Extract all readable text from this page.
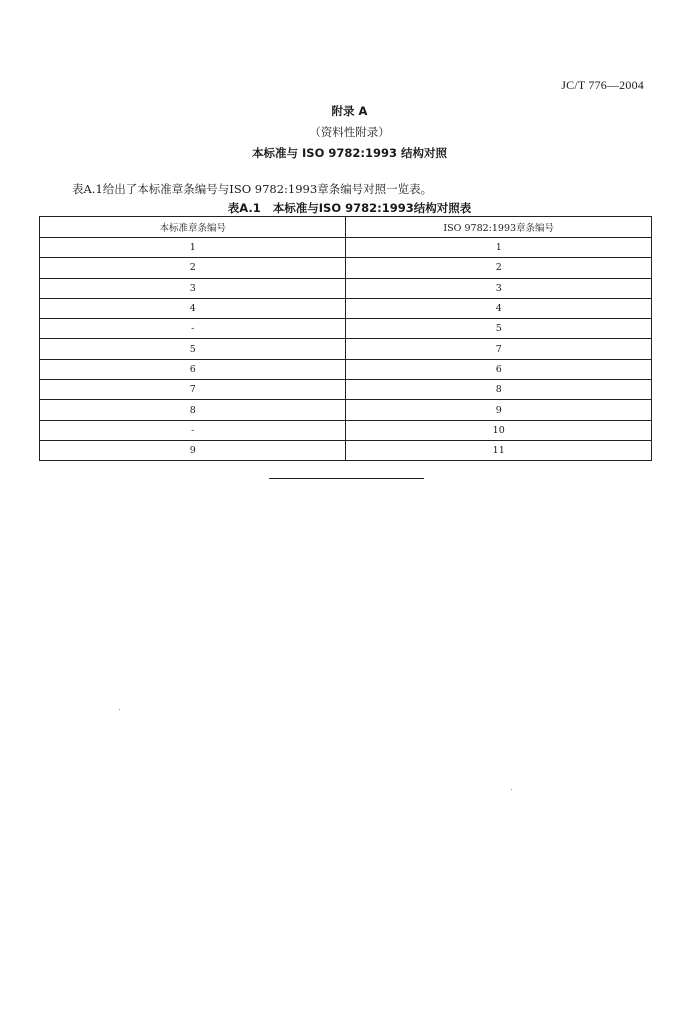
JC/T 776—2004
附录 A
（资料性附录）
本标准与 ISO 9782:1993 结构对照
表A.1给出了本标准章条编号与ISO 9782:1993章条编号对照一览表。
表A.1 本标准与ISO 9782:1993结构对照表
本标准章条编号	ISO 9782:1993章条编号
1	1
2	2
3	3
4	4
-	5
5	7
6	6
7	8
8	9
-	10
9	11
